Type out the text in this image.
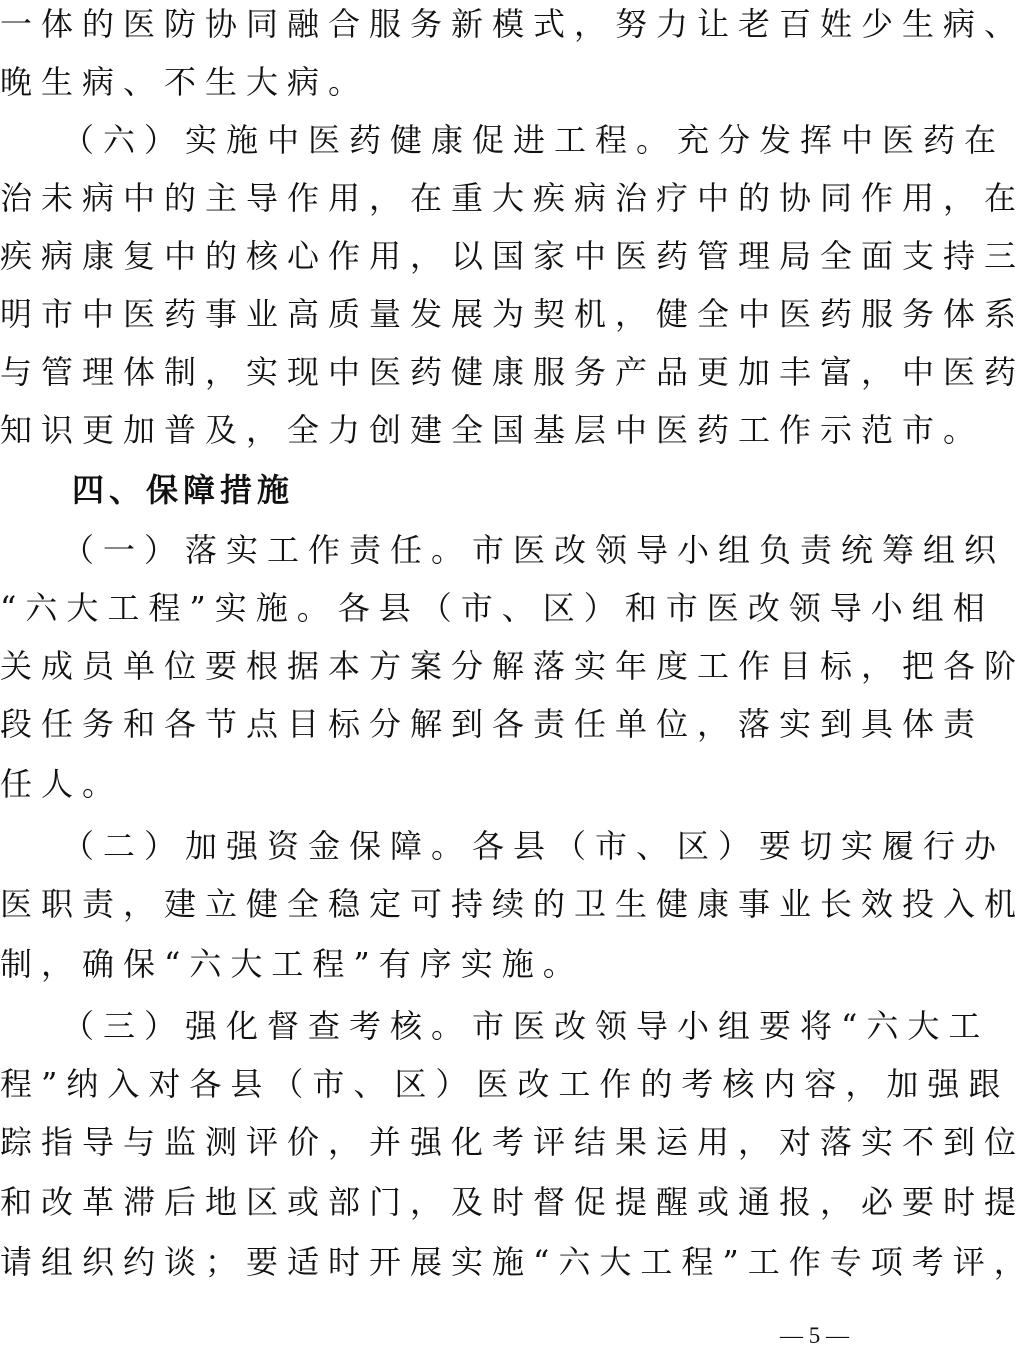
一体的医防协同融合服务新模式，努力让老百姓少生病、
晚生病、不生大病。
（六）实施中医药健康促进工程。充分发挥中医药在
治未病中的主导作用，在重大疾病治疗中的协同作用，在
疾病康复中的核心作用，以国家中医药管理局全面支持三
明市中医药事业高质量发展为契机，健全中医药服务体系
与管理体制，实现中医药健康服务产品更加丰富，中医药
知识更加普及，全力创建全国基层中医药工作示范市。
四、保障措施
（一）落实工作责任。市医改领导小组负责统筹组织
“六大工程”实施。各县（市、区）和市医改领导小组相
关成员单位要根据本方案分解落实年度工作目标，把各阶
段任务和各节点目标分解到各责任单位，落实到具体责
任人。
（二）加强资金保障。各县（市、区）要切实履行办
医职责，建立健全稳定可持续的卫生健康事业长效投入机
制，确保“六大工程”有序实施。
（三）强化督查考核。市医改领导小组要将“六大工
程”纳入对各县（市、区）医改工作的考核内容，加强跟
踪指导与监测评价，并强化考评结果运用，对落实不到位
和改革滞后地区或部门，及时督促提醒或通报，必要时提
请组织约谈；要适时开展实施“六大工程”工作专项考评，
— 5 —
